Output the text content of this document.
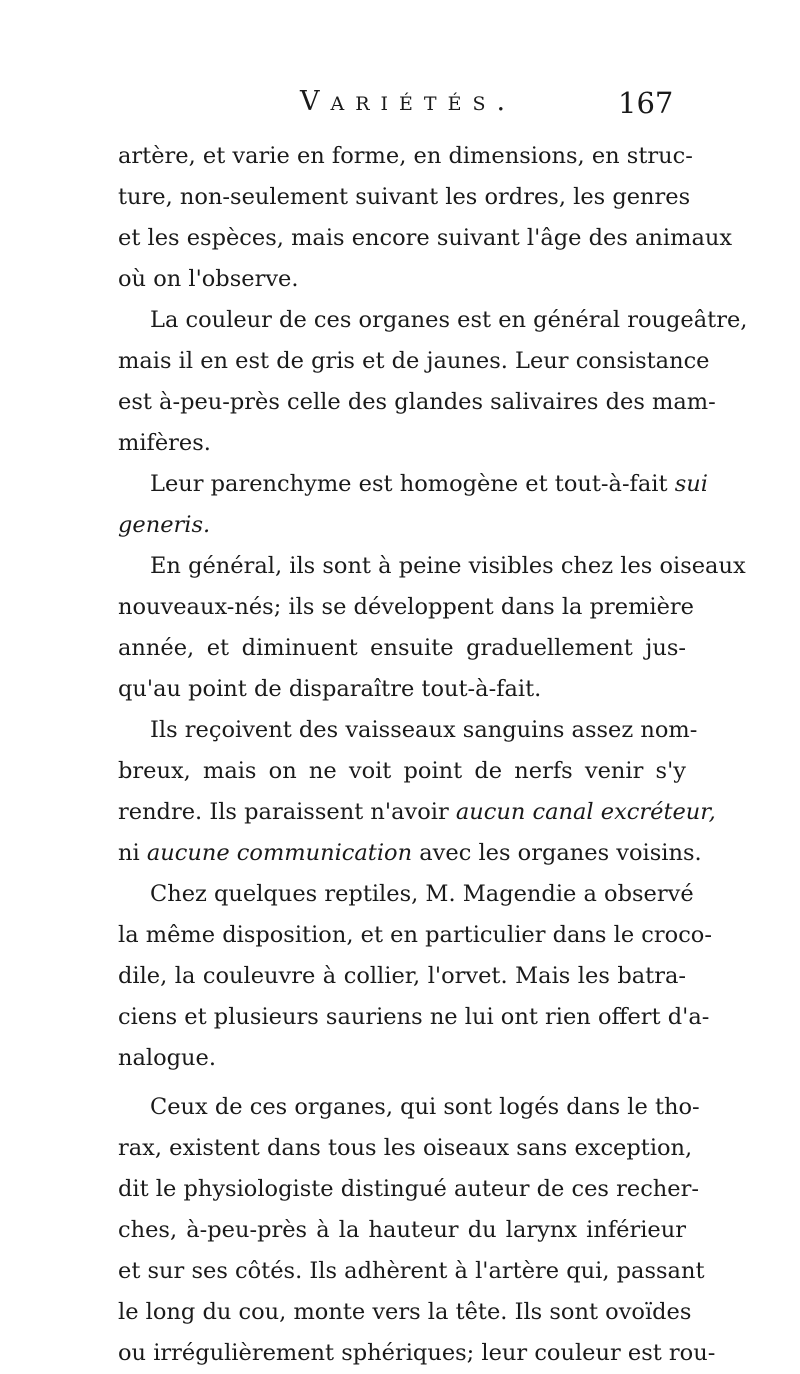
Variétés.	167
artère, et varie en forme, en dimensions, en struc-
ture, non-seulement suivant les ordres, les genres
et les espèces, mais encore suivant l'âge des animaux
où on l'observe.
La couleur de ces organes est en général rougeâtre,
mais il en est de gris et de jaunes. Leur consistance
est à-peu-près celle des glandes salivaires des mam-
mifères.
Leur parenchyme est homogène et tout-à-fait sui
generis.
En général, ils sont à peine visibles chez les oiseaux
nouveaux-nés; ils se développent dans la première
année, et diminuent ensuite graduellement jus-
qu'au point de disparaître tout-à-fait.
Ils reçoivent des vaisseaux sanguins assez nom-
breux, mais on ne voit point de nerfs venir s'y
rendre. Ils paraissent n'avoir aucun canal excréteur,
ni aucune communication avec les organes voisins.
Chez quelques reptiles, M. Magendie a observé
la même disposition, et en particulier dans le croco-
dile, la couleuvre à collier, l'orvet. Mais les batra-
ciens et plusieurs sauriens ne lui ont rien offert d'a-
nalogue.
Ceux de ces organes, qui sont logés dans le tho-
rax, existent dans tous les oiseaux sans exception,
dit le physiologiste distingué auteur de ces recher-
ches, à-peu-près à la hauteur du larynx inférieur
et sur ses côtés. Ils adhèrent à l'artère qui, passant
le long du cou, monte vers la tête. Ils sont ovoïdes
ou irrégulièrement sphériques; leur couleur est rou-
